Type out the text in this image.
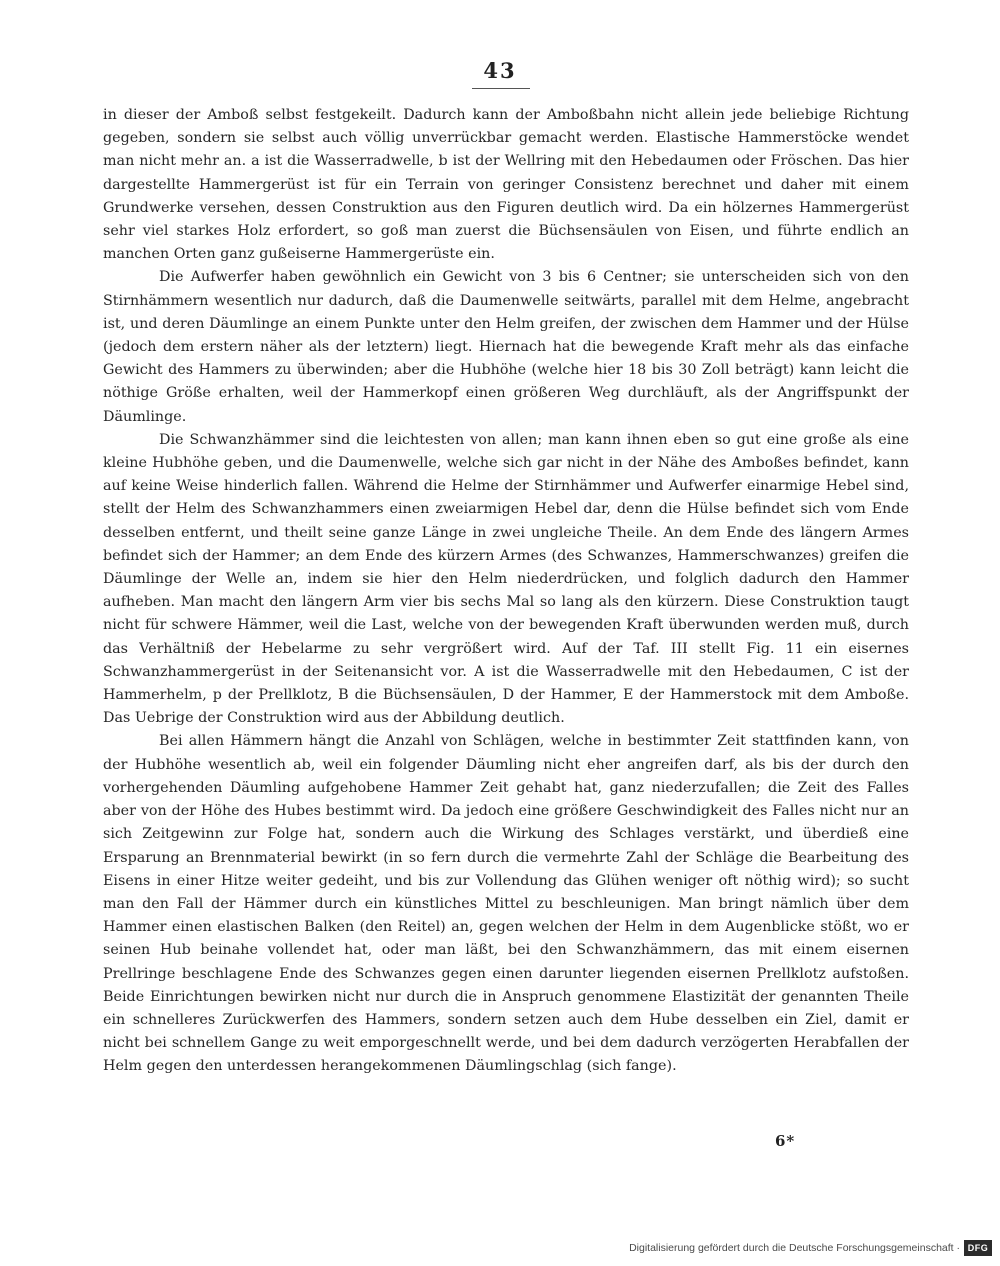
43

in dieser der Amboß selbst festgekeilt. Dadurch kann der Amboßbahn nicht allein jede beliebige Richtung gegeben, sondern sie selbst auch völlig unverrückbar gemacht werden. Elastische Hammerstöcke wendet man nicht mehr an. a ist die Wasserradwelle, b ist der Wellring mit den Hebedaumen oder Fröschen. Das hier dargestellte Hammergerüst ist für ein Terrain von geringer Consistenz berechnet und daher mit einem Grundwerke versehen, dessen Construktion aus den Figuren deutlich wird. Da ein hölzernes Hammergerüst sehr viel starkes Holz erfordert, so goß man zuerst die Büchsensäulen von Eisen, und führte endlich an manchen Orten ganz gußeiserne Hammergerüste ein.

Die Aufwerfer haben gewöhnlich ein Gewicht von 3 bis 6 Centner; sie unterscheiden sich von den Stirnhämmern wesentlich nur dadurch, daß die Daumenwelle seitwärts, parallel mit dem Helme, angebracht ist, und deren Däumlinge an einem Punkte unter den Helm greifen, der zwischen dem Hammer und der Hülse (jedoch dem erstern näher als der letztern) liegt. Hiernach hat die bewegende Kraft mehr als das einfache Gewicht des Hammers zu überwinden; aber die Hubhöhe (welche hier 18 bis 30 Zoll beträgt) kann leicht die nöthige Größe erhalten, weil der Hammerkopf einen größeren Weg durchläuft, als der Angriffspunkt der Däumlinge.

Die Schwanzhämmer sind die leichtesten von allen; man kann ihnen eben so gut eine große als eine kleine Hubhöhe geben, und die Daumenwelle, welche sich gar nicht in der Nähe des Amboßes befindet, kann auf keine Weise hinderlich fallen. Während die Helme der Stirnhämmer und Aufwerfer einarmige Hebel sind, stellt der Helm des Schwanzhammers einen zweiarmigen Hebel dar, denn die Hülse befindet sich vom Ende desselben entfernt, und theilt seine ganze Länge in zwei ungleiche Theile. An dem Ende des längern Armes befindet sich der Hammer; an dem Ende des kürzern Armes (des Schwanzes, Hammerschwanzes) greifen die Däumlinge der Welle an, indem sie hier den Helm niederdrücken, und folglich dadurch den Hammer aufheben. Man macht den längern Arm vier bis sechs Mal so lang als den kürzern. Diese Construktion taugt nicht für schwere Hämmer, weil die Last, welche von der bewegenden Kraft überwunden werden muß, durch das Verhältniß der Hebelarme zu sehr vergrößert wird. Auf der Taf. III stellt Fig. 11 ein eisernes Schwanzhammergerüst in der Seitenansicht vor. A ist die Wasserradwelle mit den Hebedaumen, C ist der Hammerhelm, p der Prellklotz, B die Büchsensäulen, D der Hammer, E der Hammerstock mit dem Amboße. Das Uebrige der Construktion wird aus der Abbildung deutlich.

Bei allen Hämmern hängt die Anzahl von Schlägen, welche in bestimmter Zeit stattfinden kann, von der Hubhöhe wesentlich ab, weil ein folgender Däumling nicht eher angreifen darf, als bis der durch den vorhergehenden Däumling aufgehobene Hammer Zeit gehabt hat, ganz niederzufallen; die Zeit des Falles aber von der Höhe des Hubes bestimmt wird. Da jedoch eine größere Geschwindigkeit des Falles nicht nur an sich Zeitgewinn zur Folge hat, sondern auch die Wirkung des Schlages verstärkt, und überdieß eine Ersparung an Brennmaterial bewirkt (in so fern durch die vermehrte Zahl der Schläge die Bearbeitung des Eisens in einer Hitze weiter gedeiht, und bis zur Vollendung das Glühen weniger oft nöthig wird); so sucht man den Fall der Hämmer durch ein künstliches Mittel zu beschleunigen. Man bringt nämlich über dem Hammer einen elastischen Balken (den Reitel) an, gegen welchen der Helm in dem Augenblicke stößt, wo er seinen Hub beinahe vollendet hat, oder man läßt, bei den Schwanzhämmern, das mit einem eisernen Prellringe beschlagene Ende des Schwanzes gegen einen darunter liegenden eisernen Prellklotz aufstoßen. Beide Einrichtungen bewirken nicht nur durch die in Anspruch genommene Elastizität der genannten Theile ein schnelleres Zurückwerfen des Hammers, sondern setzen auch dem Hube desselben ein Ziel, damit er nicht bei schnellem Gange zu weit emporgeschnellt werde, und bei dem dadurch verzögerten Herabfallen der Helm gegen den unterdessen herangekommenen Däumlingschlag (sich fange).

6*
Digitalisierung gefördert durch die Deutsche Forschungsgemeinschaft · DFG
